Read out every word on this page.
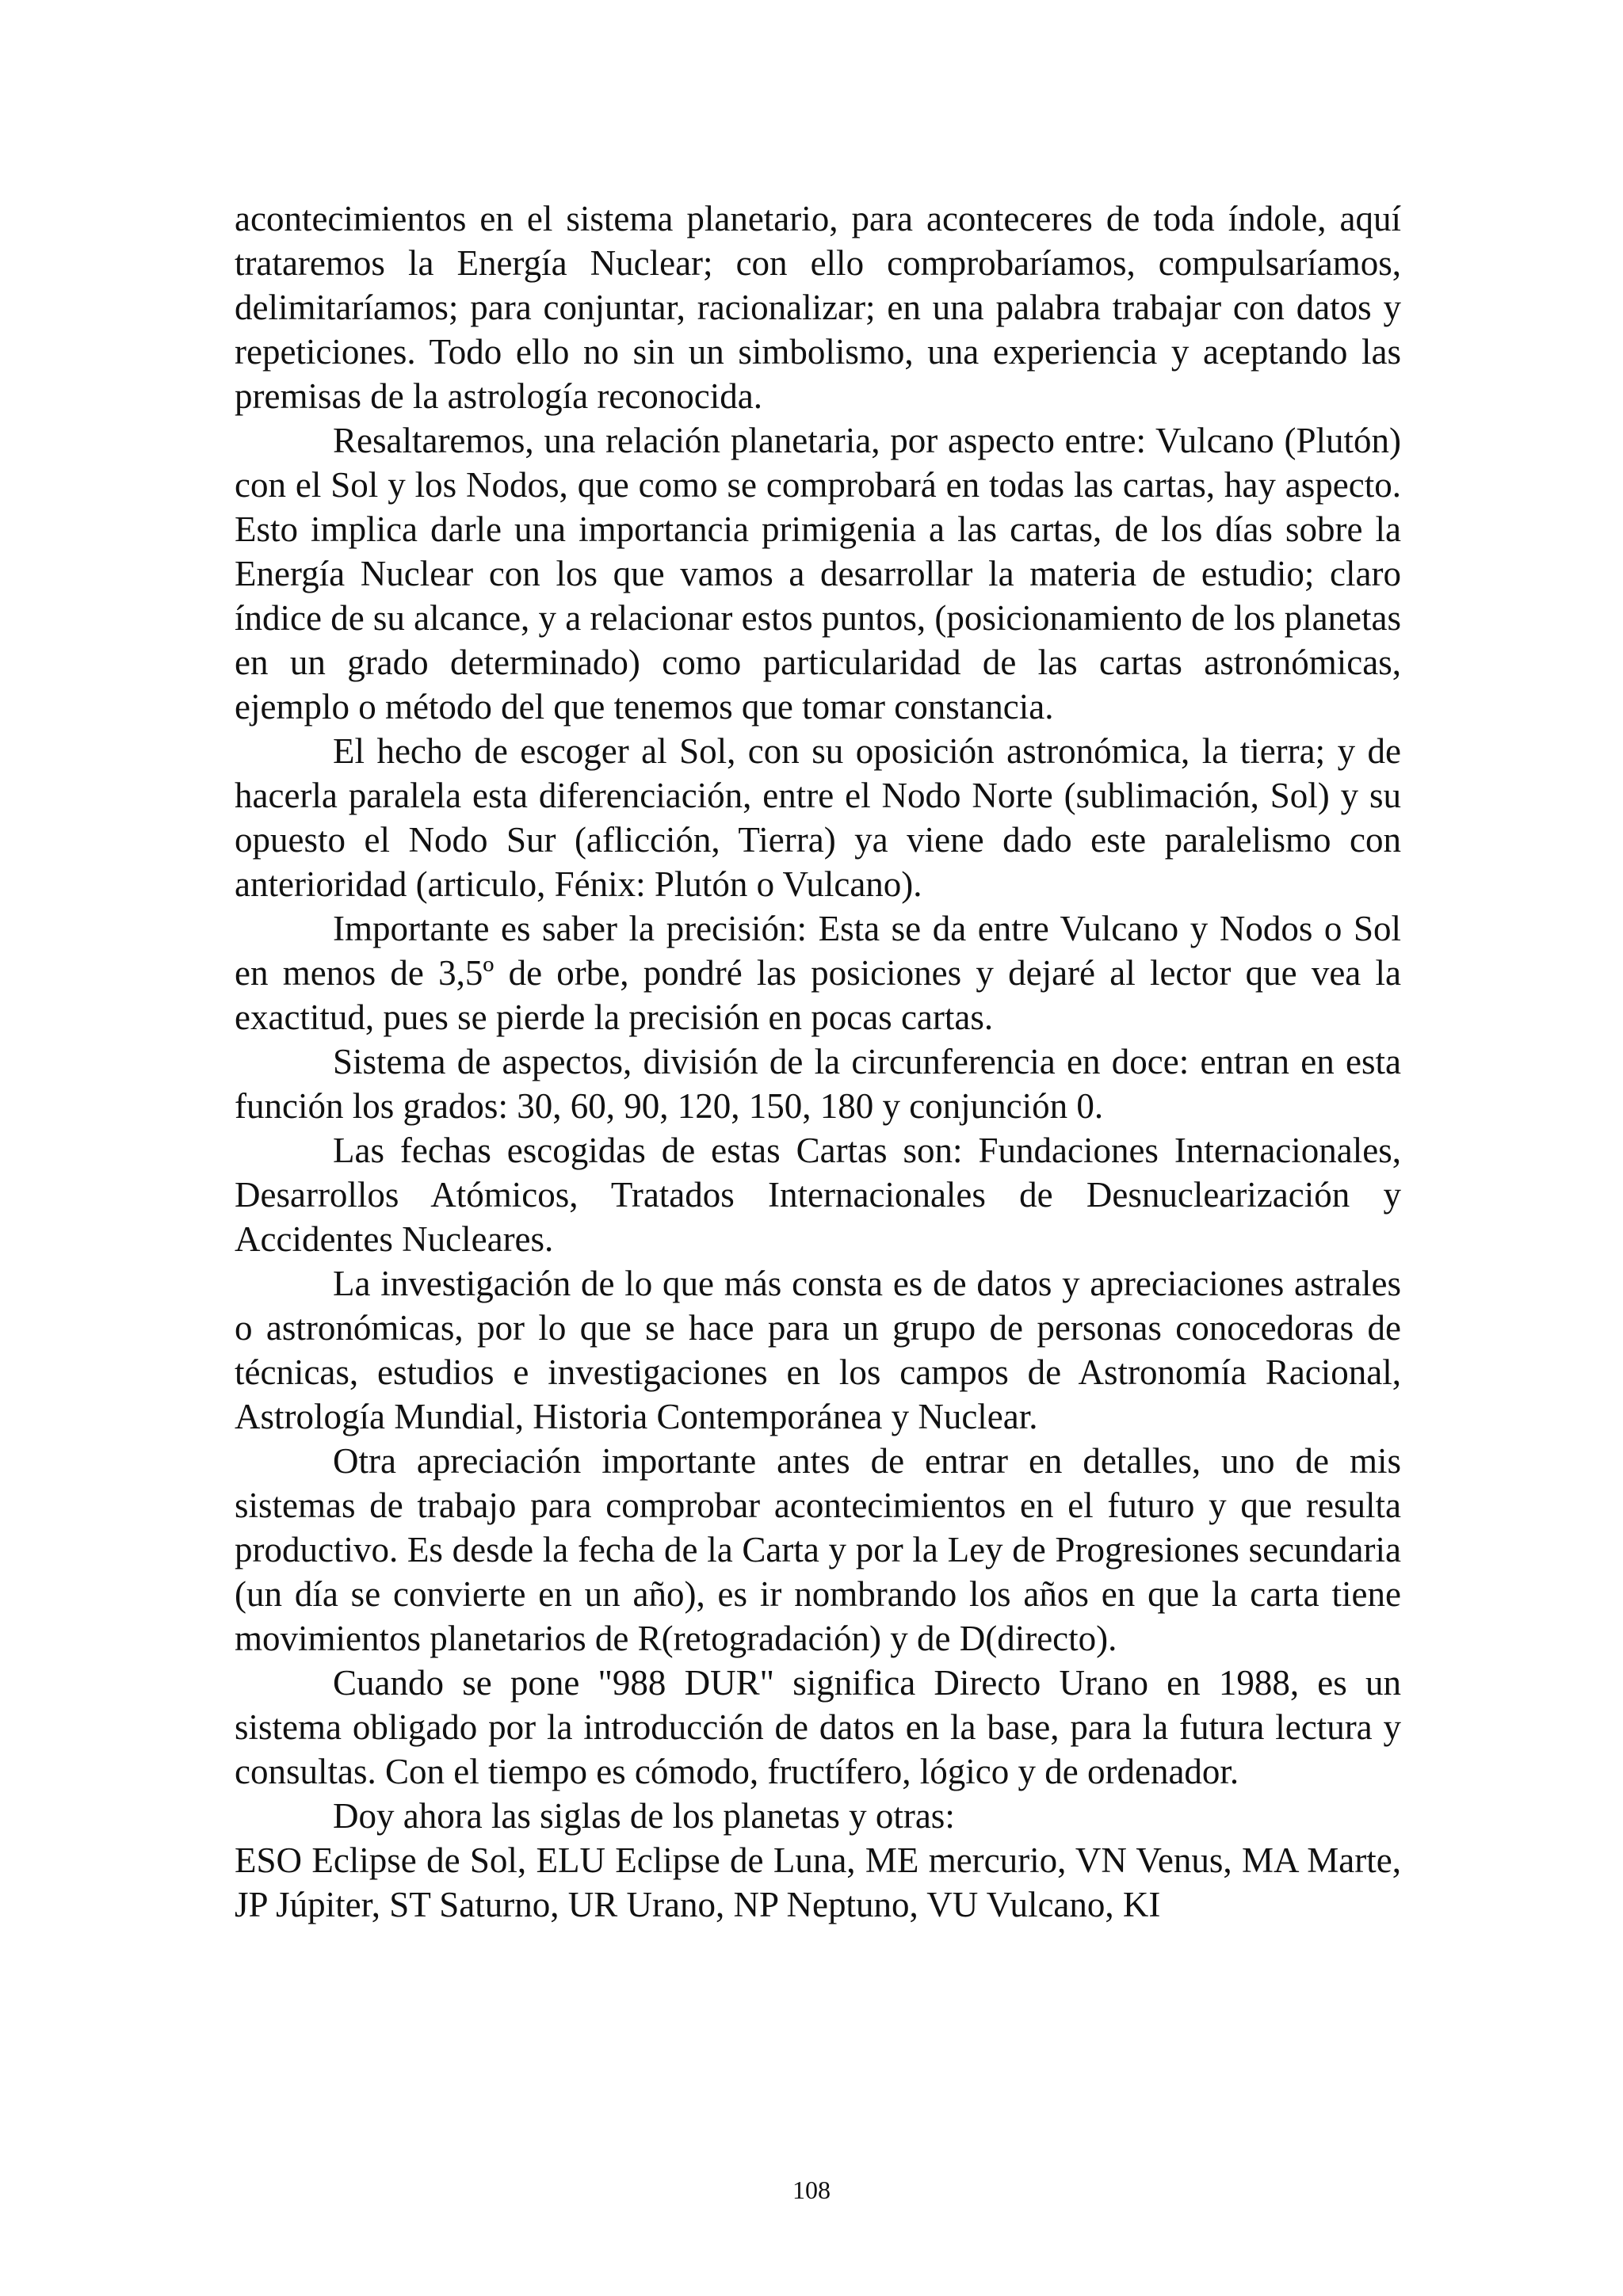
acontecimientos en el sistema planetario, para aconteceres de toda índole, aquí trataremos la Energía Nuclear; con ello comprobaríamos, compulsaríamos, delimitaríamos; para conjuntar, racionalizar; en una palabra trabajar con datos y repeticiones. Todo ello no sin un simbolismo, una experiencia y aceptando las premisas de la astrología reconocida.

Resaltaremos, una relación planetaria, por aspecto entre: Vulcano (Plutón) con el Sol y los Nodos, que como se comprobará en todas las cartas, hay aspecto. Esto implica darle una importancia primigenia a las cartas, de los días sobre la Energía Nuclear con los que vamos a desarrollar la materia de estudio; claro índice de su alcance, y a relacionar estos puntos, (posicionamiento de los planetas en un grado determinado) como particularidad de las cartas astronómicas, ejemplo o método del que tenemos que tomar constancia.

El hecho de escoger al Sol, con su oposición astronómica, la tierra; y de hacerla paralela esta diferenciación, entre el Nodo Norte (sublimación, Sol) y su opuesto el Nodo Sur (aflicción, Tierra) ya viene dado este paralelismo con anterioridad (articulo, Fénix: Plutón o Vulcano).

Importante es saber la precisión: Esta se da entre Vulcano y Nodos o Sol en menos de 3,5º de orbe, pondré las posiciones y dejaré al lector que vea la exactitud, pues se pierde la precisión en pocas cartas.

Sistema de aspectos, división de la circunferencia en doce: entran en esta función los grados: 30, 60, 90, 120, 150, 180 y conjunción 0.

Las fechas escogidas de estas Cartas son: Fundaciones Internacionales, Desarrollos Atómicos, Tratados Internacionales de Desnuclearización y Accidentes Nucleares.

La investigación de lo que más consta es de datos y apreciaciones astrales o astronómicas, por lo que se hace para un grupo de personas conocedoras de técnicas, estudios e investigaciones en los campos de Astronomía Racional, Astrología Mundial, Historia Contemporánea y Nuclear.

Otra apreciación importante antes de entrar en detalles, uno de mis sistemas de trabajo para comprobar acontecimientos en el futuro y que resulta productivo. Es desde la fecha de la Carta y por la Ley de Progresiones secundaria (un día se convierte en un año), es ir nombrando los años en que la carta tiene movimientos planetarios de R(retogradación) y de D(directo).

Cuando se pone "988 DUR" significa Directo Urano en 1988, es un sistema obligado por la introducción de datos en la base, para la futura lectura y consultas. Con el tiempo es cómodo, fructífero, lógico y de ordenador.

Doy ahora las siglas de los planetas y otras:

ESO Eclipse de Sol, ELU Eclipse de Luna, ME mercurio, VN Venus, MA Marte, JP Júpiter, ST Saturno, UR Urano, NP Neptuno, VU Vulcano, KI

108
